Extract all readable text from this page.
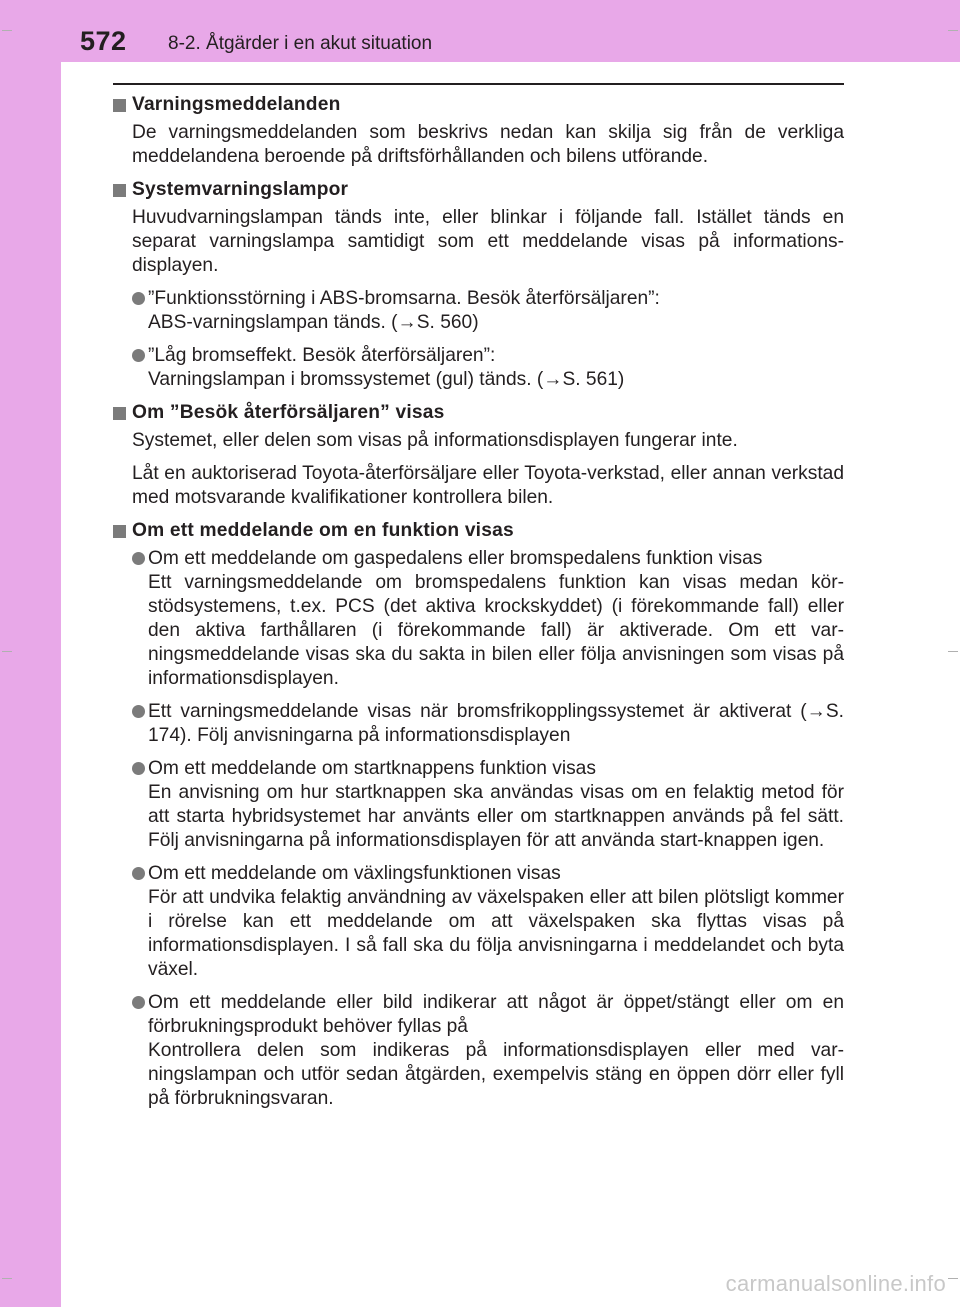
572 8-2. Åtgärder i en akut situation
Varningsmeddelanden
De varningsmeddelanden som beskrivs nedan kan skilja sig från de verkliga meddelandena beroende på driftsförhållanden och bilens utförande.
Systemvarningslampor
Huvudvarningslampan tänds inte, eller blinkar i följande fall. Istället tänds en separat varningslampa samtidigt som ett meddelande visas på informations-displayen.
”Funktionsstörning i ABS-bromsarna. Besök återförsäljaren”:
ABS-varningslampan tänds. (→S. 560)
”Låg bromseffekt. Besök återförsäljaren”:
Varningslampan i bromssystemet (gul) tänds. (→S. 561)
Om ”Besök återförsäljaren” visas
Systemet, eller delen som visas på informationsdisplayen fungerar inte.
Låt en auktoriserad Toyota-återförsäljare eller Toyota-verkstad, eller annan verkstad med motsvarande kvalifikationer kontrollera bilen.
Om ett meddelande om en funktion visas
Om ett meddelande om gaspedalens eller bromspedalens funktion visas
Ett varningsmeddelande om bromspedalens funktion kan visas medan kör-stödsystemens, t.ex. PCS (det aktiva krockskyddet) (i förekommande fall) eller den aktiva farthållaren (i förekommande fall) är aktiverade. Om ett var-ningsmeddelande visas ska du sakta in bilen eller följa anvisningen som visas på informationsdisplayen.
Ett varningsmeddelande visas när bromsfrikopplingssystemet är aktiverat (→S. 174). Följ anvisningarna på informationsdisplayen
Om ett meddelande om startknappens funktion visas
En anvisning om hur startknappen ska användas visas om en felaktig metod för att starta hybridsystemet har använts eller om startknappen används på fel sätt. Följ anvisningarna på informationsdisplayen för att använda start-knappen igen.
Om ett meddelande om växlingsfunktionen visas
För att undvika felaktig användning av växelspaken eller att bilen plötsligt kommer i rörelse kan ett meddelande om att växelspaken ska flyttas visas på informationsdisplayen. I så fall ska du följa anvisningarna i meddelandet och byta växel.
Om ett meddelande eller bild indikerar att något är öppet/stängt eller om en förbrukningsprodukt behöver fyllas på
Kontrollera delen som indikeras på informationsdisplayen eller med var-ningslampan och utför sedan åtgärden, exempelvis stäng en öppen dörr eller fyll på förbrukningsvaran.
carmanualsonline.info
